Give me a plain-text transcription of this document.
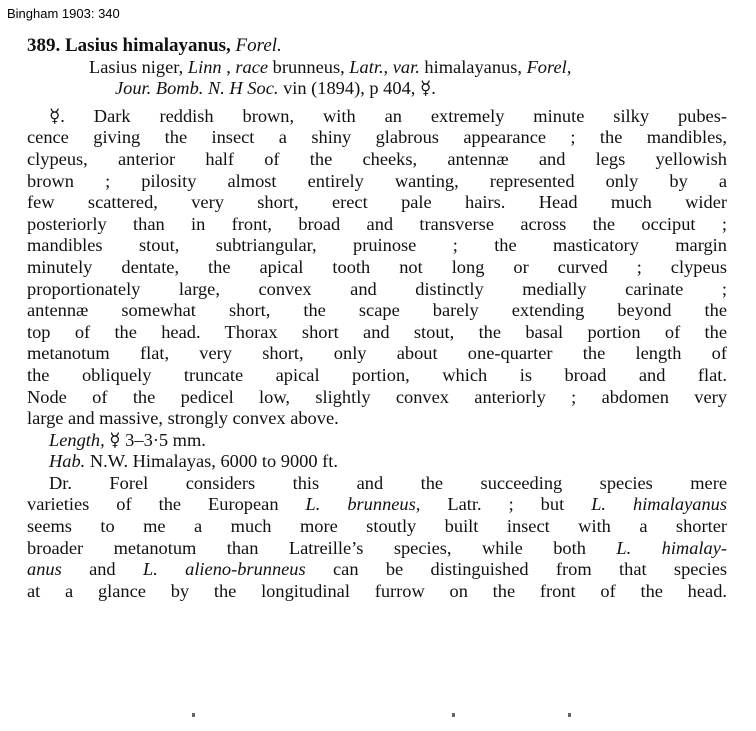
Bingham 1903: 340
389. Lasius himalayanus, Forel.
Lasius niger, Linn , race brunneus, Latr., var. himalayanus, Forel,
Jour. Bomb. N. H Soc. vin (1894), p 404, ☿.
☿. Dark reddish brown, with an extremely minute silky pubes-
cence giving the insect a shiny glabrous appearance ; the mandibles,
clypeus, anterior half of the cheeks, antennæ and legs yellowish
brown ; pilosity almost entirely wanting, represented only by a
few scattered, very short, erect pale hairs. Head much wider
posteriorly than in front, broad and transverse across the occiput ;
mandibles stout, subtriangular, pruinose ; the masticatory margin
minutely dentate, the apical tooth not long or curved ; clypeus
proportionately large, convex and distinctly medially carinate ;
antennæ somewhat short, the scape barely extending beyond the
top of the head. Thorax short and stout, the basal portion of the
metanotum flat, very short, only about one-quarter the length of
the obliquely truncate apical portion, which is broad and flat.
Node of the pedicel low, slightly convex anteriorly ; abdomen very
large and massive, strongly convex above.
Length, ☿ 3–3·5 mm.
Hab. N.W. Himalayas, 6000 to 9000 ft.
Dr. Forel considers this and the succeeding species mere
varieties of the European L. brunneus, Latr. ; but L. himalayanus
seems to me a much more stoutly built insect with a shorter
broader metanotum than Latreille’s species, while both L. himalay-
anus and L. alieno-brunneus can be distinguished from that species
at a glance by the longitudinal furrow on the front of the head.
